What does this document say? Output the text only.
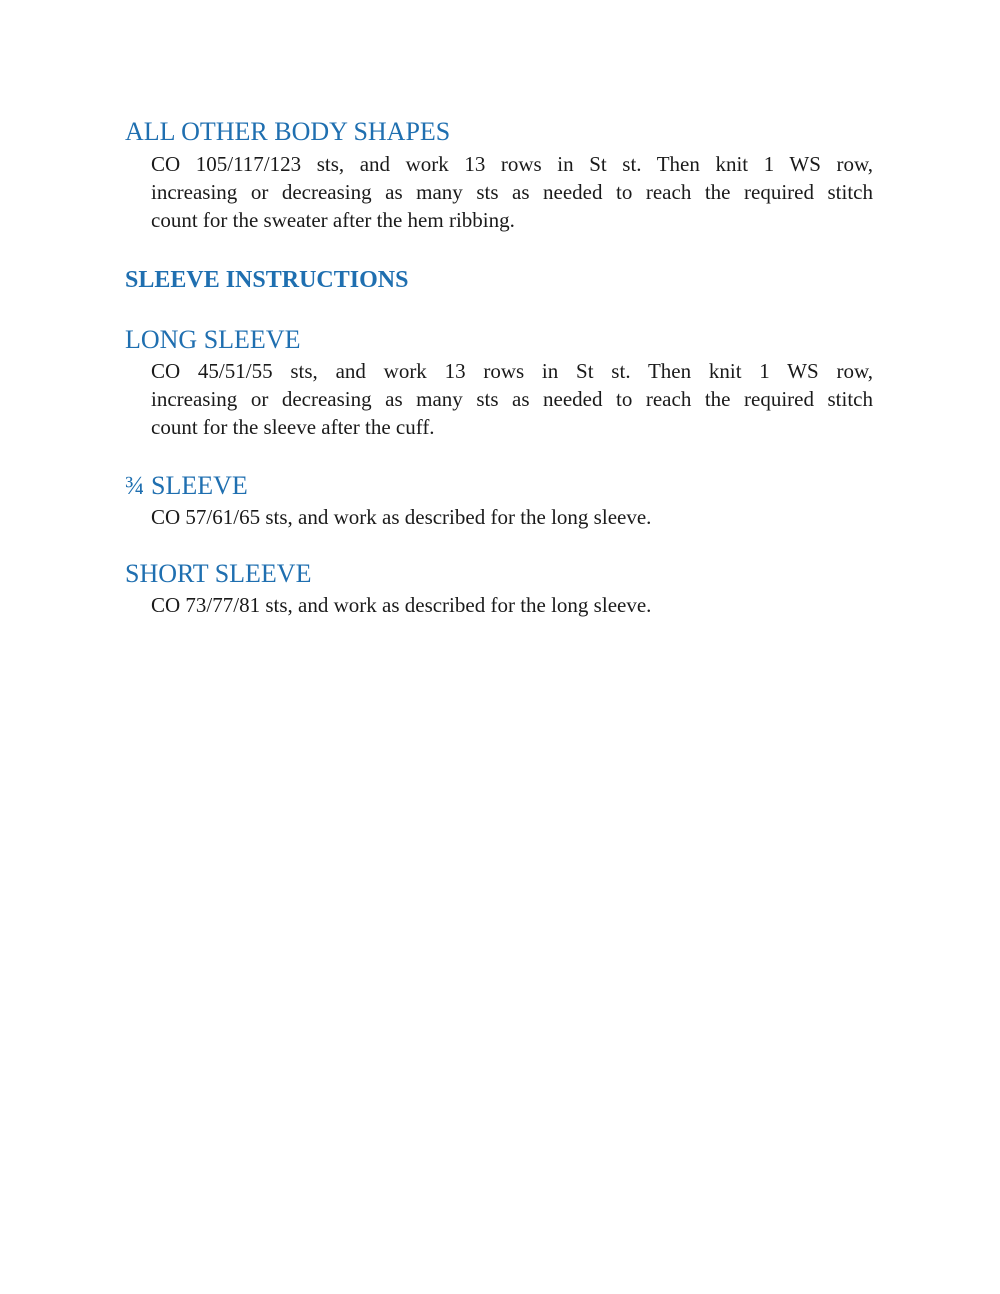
ALL OTHER BODY SHAPES

CO 105/117/123 sts, and work 13 rows in St st. Then knit 1 WS row,
increasing or decreasing as many sts as needed to reach the required stitch
count for the sweater after the hem ribbing.

SLEEVE INSTRUCTIONS
LONG SLEEVE

CO 45/51/55 sts, and work 13 rows in St st. Then knit 1 WS row,
increasing or decreasing as many sts as needed to reach the required stitch
count for the sleeve after the cuff.

¾ SLEEVE

CO 57/61/65 sts, and work as described for the long sleeve.

SHORT SLEEVE

CO 73/77/81 sts, and work as described for the long sleeve.
